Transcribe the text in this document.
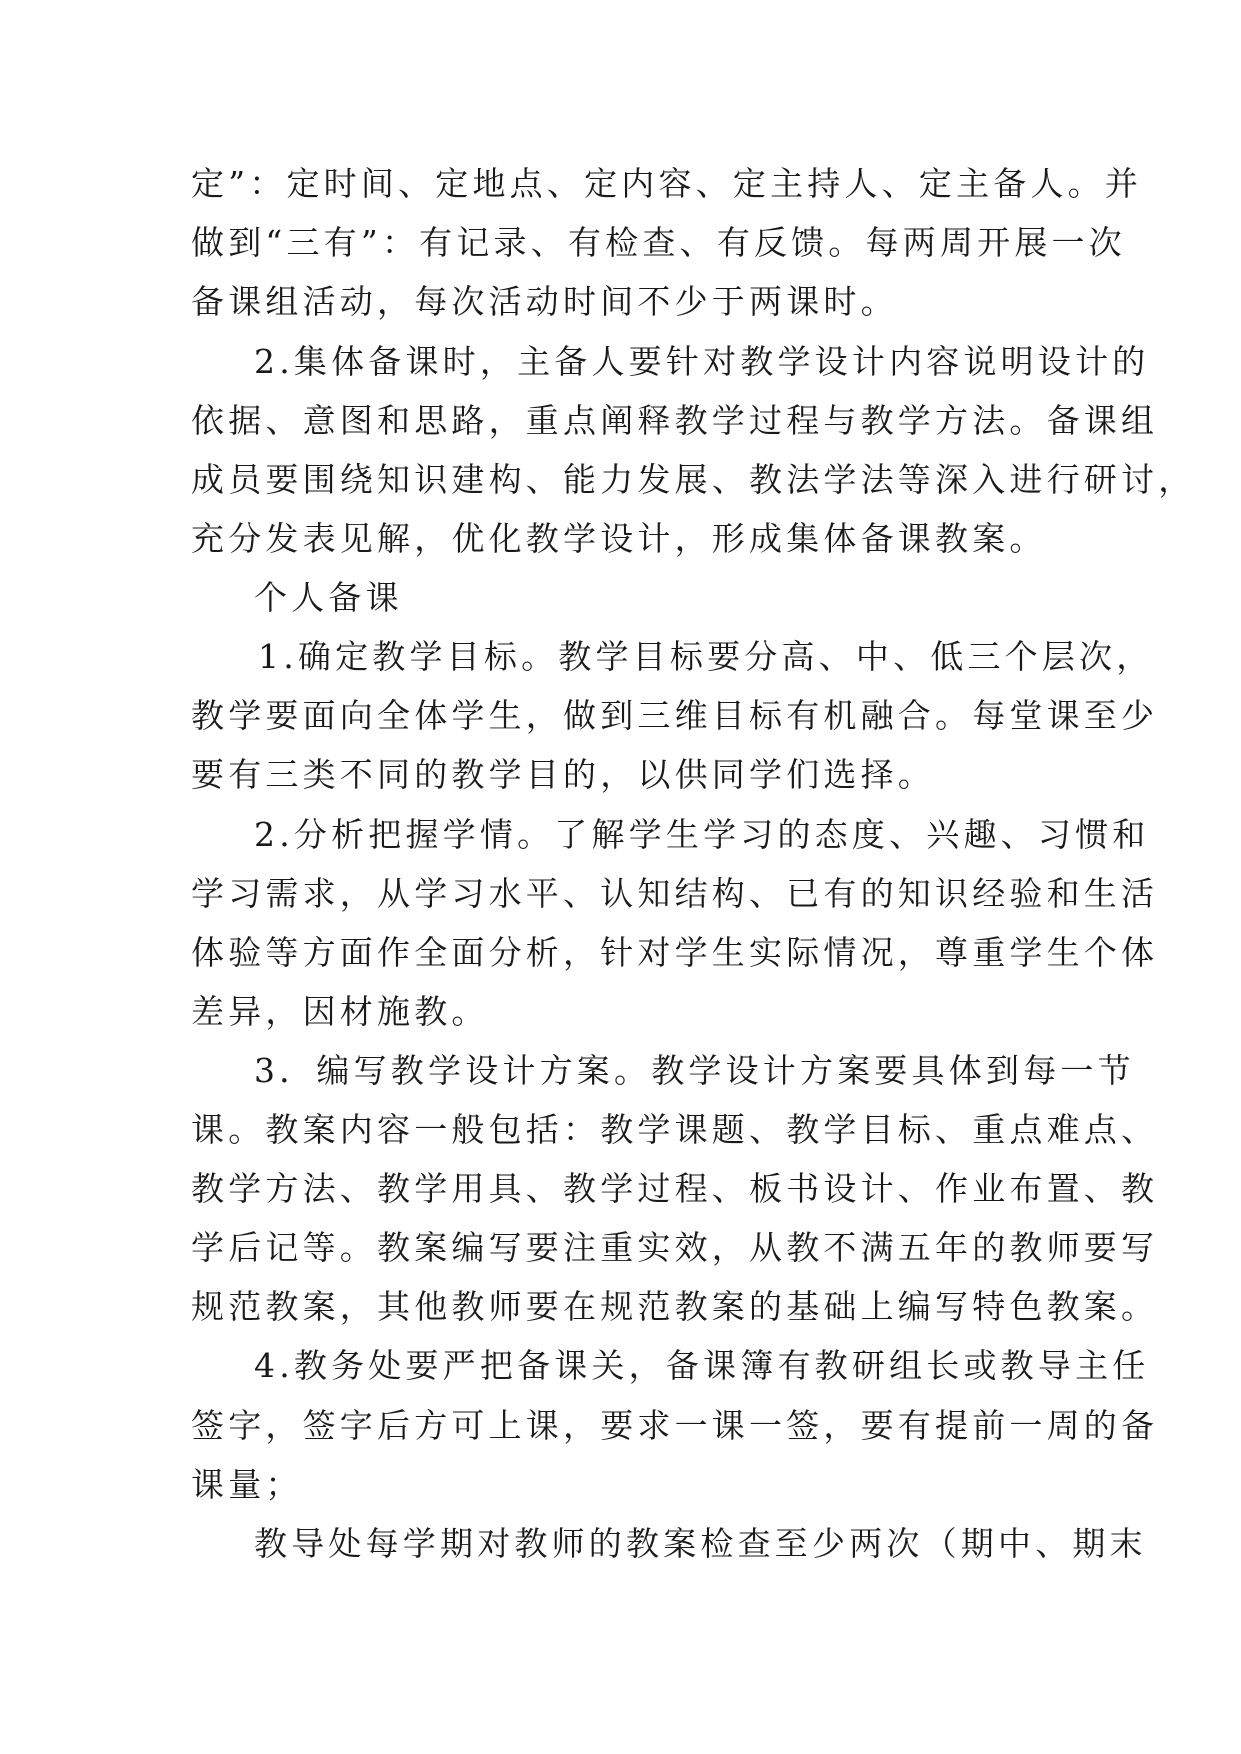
定”：定时间、定地点、定内容、定主持人、定主备人。并
做到“三有”：有记录、有检查、有反馈。每两周开展一次
备课组活动，每次活动时间不少于两课时。
2.集体备课时，主备人要针对教学设计内容说明设计的
依据、意图和思路，重点阐释教学过程与教学方法。备课组
成员要围绕知识建构、能力发展、教法学法等深入进行研讨，
充分发表见解，优化教学设计，形成集体备课教案。
个人备课
1.确定教学目标。教学目标要分高、中、低三个层次，
教学要面向全体学生，做到三维目标有机融合。每堂课至少
要有三类不同的教学目的，以供同学们选择。
2.分析把握学情。了解学生学习的态度、兴趣、习惯和
学习需求，从学习水平、认知结构、已有的知识经验和生活
体验等方面作全面分析，针对学生实际情况，尊重学生个体
差异，因材施教。
3．编写教学设计方案。教学设计方案要具体到每一节
课。教案内容一般包括：教学课题、教学目标、重点难点、
教学方法、教学用具、教学过程、板书设计、作业布置、教
学后记等。教案编写要注重实效，从教不满五年的教师要写
规范教案，其他教师要在规范教案的基础上编写特色教案。
4.教务处要严把备课关，备课簿有教研组长或教导主任
签字，签字后方可上课，要求一课一签，要有提前一周的备
课量；
教导处每学期对教师的教案检查至少两次（期中、期末
